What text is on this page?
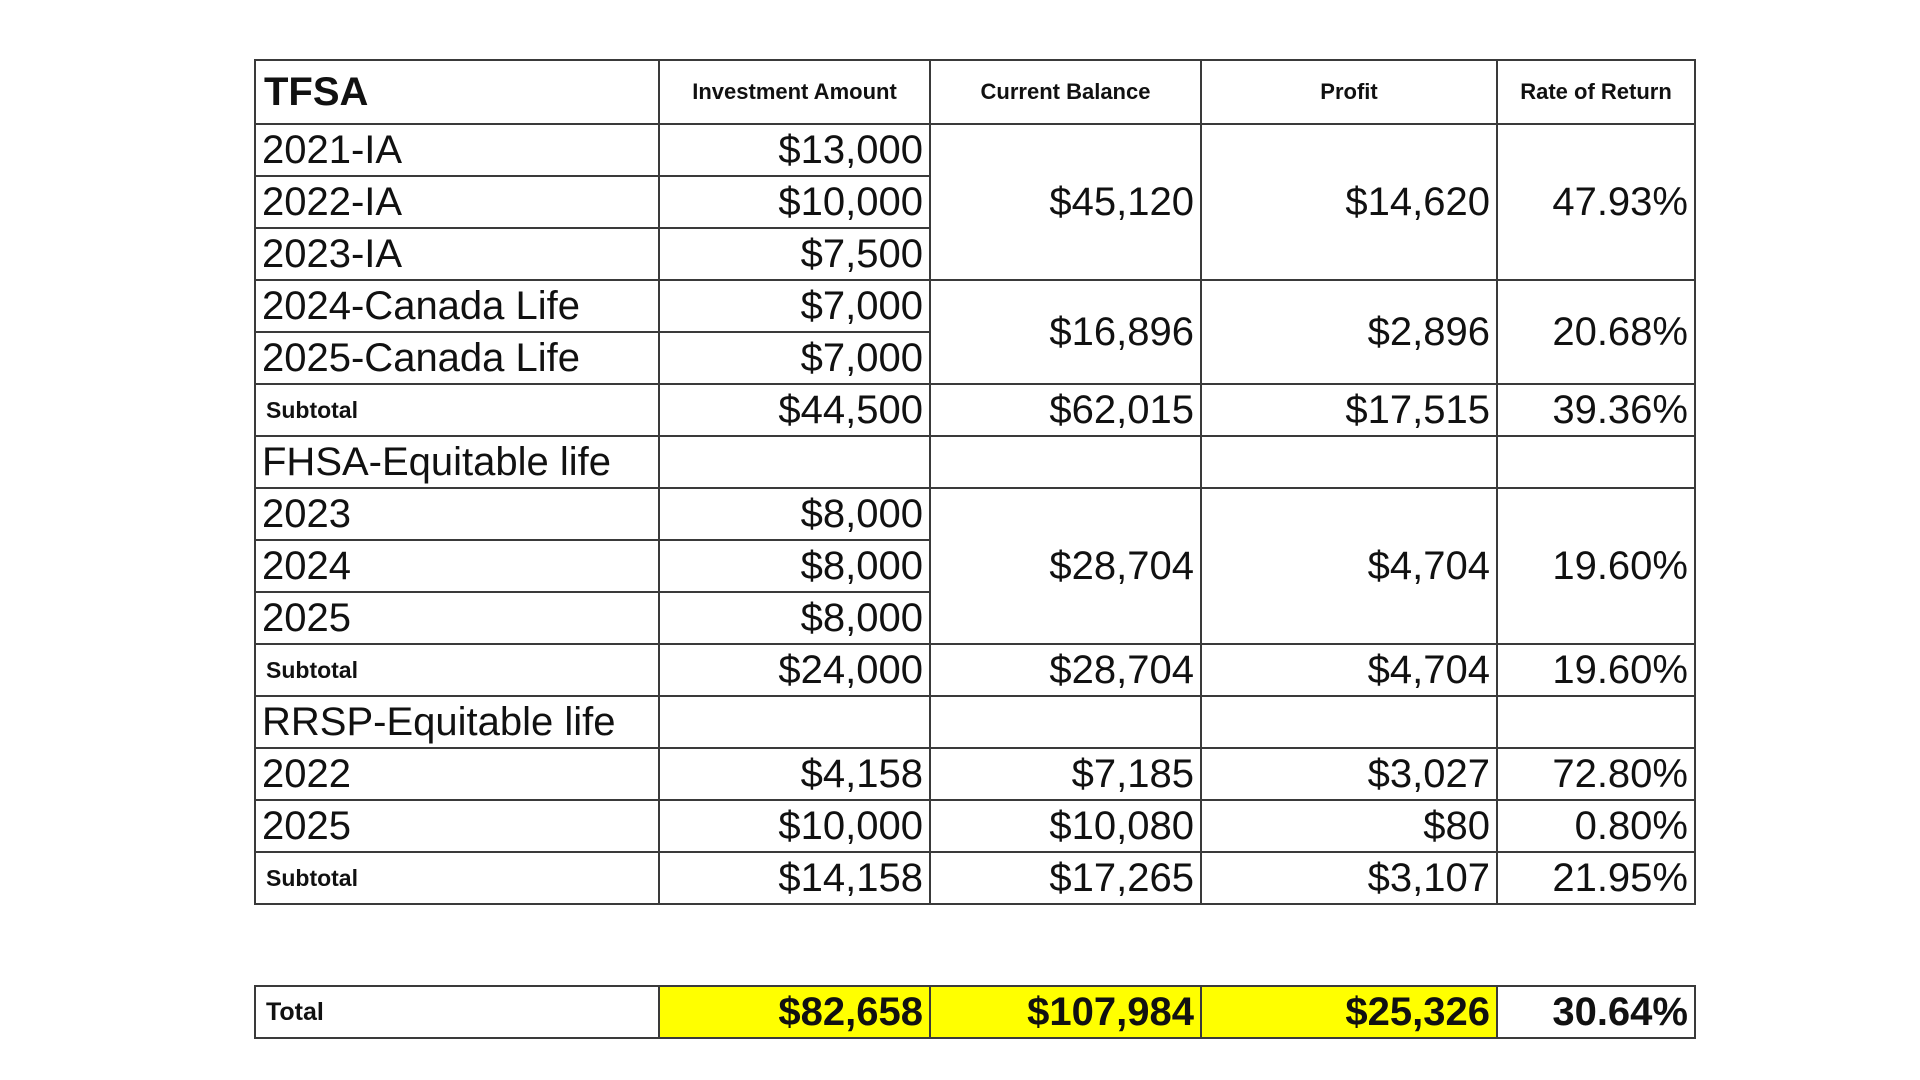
TFSA	Investment Amount	Current Balance	Profit	Rate of Return
2021-IA	$13,000	$45,120	$14,620	47.93%
2022-IA	$10,000			
2023-IA	$7,500			
2024-Canada Life	$7,000	$16,896	$2,896	20.68%
2025-Canada Life	$7,000			
Subtotal	$44,500	$62,015	$17,515	39.36%
FHSA-Equitable life				
2023	$8,000	$28,704	$4,704	19.60%
2024	$8,000			
2025	$8,000			
Subtotal	$24,000	$28,704	$4,704	19.60%
RRSP-Equitable life				
2022	$4,158	$7,185	$3,027	72.80%
2025	$10,000	$10,080	$80	0.80%
Subtotal	$14,158	$17,265	$3,107	21.95%
Total	$82,658	$107,984	$25,326	30.64%
